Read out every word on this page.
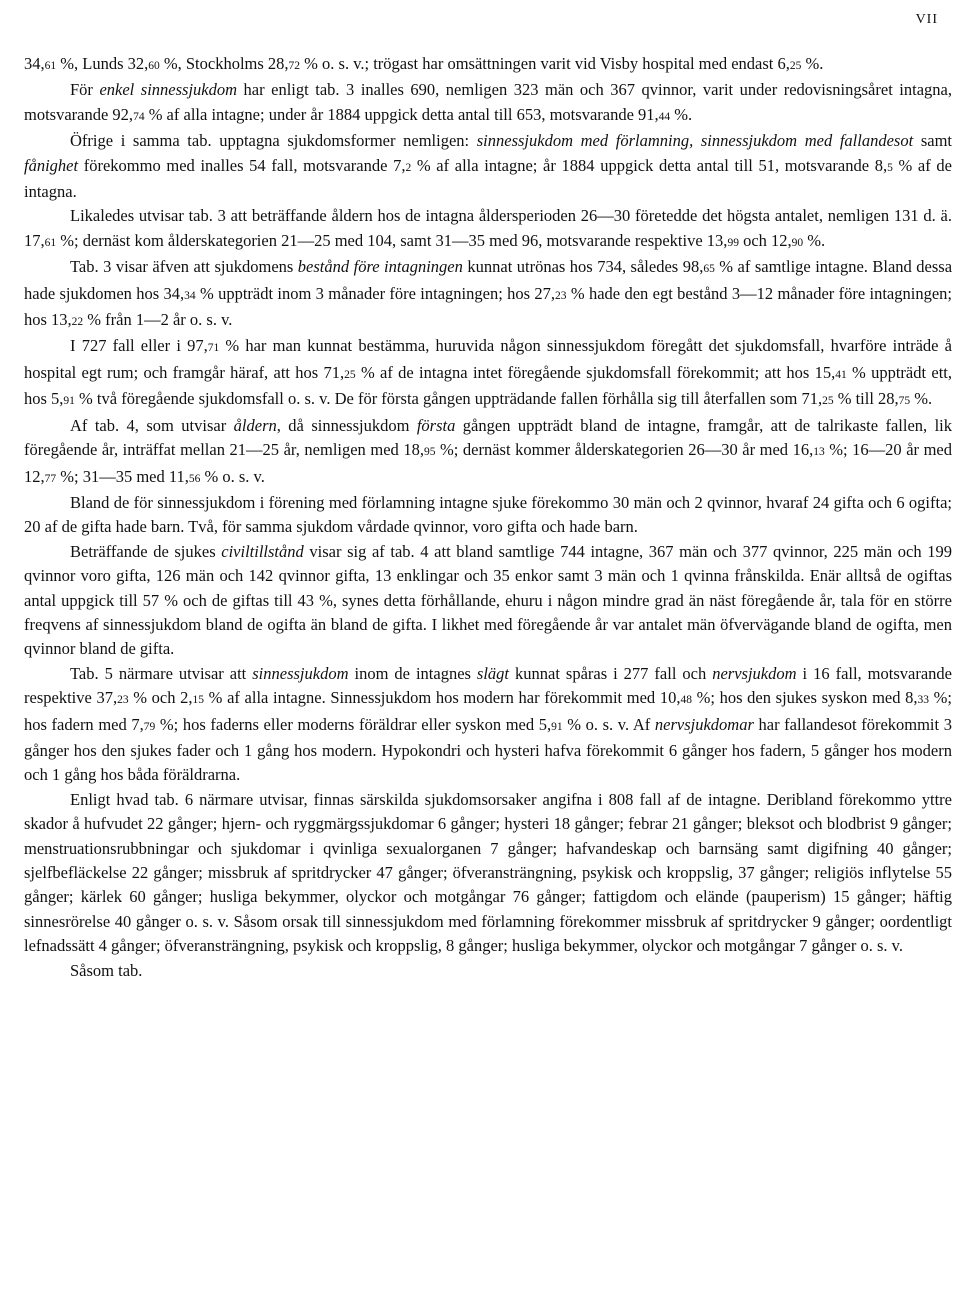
VII

34,61 %, Lunds 32,60 %, Stockholms 28,72 % o. s. v.; trögast har omsättningen varit vid Visby hospital med endast 6,25 %.

För enkel sinnessjukdom har enligt tab. 3 inalles 690, nemligen 323 män och 367 qvinnor, varit under redovisningsåret intagna, motsvarande 92,74 % af alla intagne; under år 1884 uppgick detta antal till 653, motsvarande 91,44 %.

Öfrige i samma tab. upptagna sjukdomsformer nemligen: sinnessjukdom med förlamning, sinnessjukdom med fallandesot samt fånighet förekommo med inalles 54 fall, motsvarande 7,2 % af alla intagne; år 1884 uppgick detta antal till 51, motsvarande 8,5 % af de intagna.

Likaledes utvisar tab. 3 att beträffande åldern hos de intagna åldersperioden 26—30 företedde det högsta antalet, nemligen 131 d. ä. 17,61 %; dernäst kom ålderskategorien 21—25 med 104, samt 31—35 med 96, motsvarande respektive 13,99 och 12,90 %.

Tab. 3 visar äfven att sjukdomens bestånd före intagningen kunnat utrönas hos 734, således 98,65 % af samtlige intagne. Bland dessa hade sjukdomen hos 34,34 % uppträdt inom 3 månader före intagningen; hos 27,23 % hade den egt bestånd 3—12 månader före intagningen; hos 13,22 % från 1—2 år o. s. v.

I 727 fall eller i 97,71 % har man kunnat bestämma, huruvida någon sinnessjukdom föregått det sjukdomsfall, hvarföre inträde å hospital egt rum; och framgår häraf, att hos 71,25 % af de intagna intet föregående sjukdomsfall förekommit; att hos 15,41 % uppträdt ett, hos 5,91 % två föregående sjukdomsfall o. s. v. De för första gången uppträdande fallen förhålla sig till återfallen som 71,25 % till 28,75 %.

Af tab. 4, som utvisar åldern, då sinnessjukdom första gången uppträdt bland de intagne, framgår, att de talrikaste fallen, lik föregående år, inträffat mellan 21—25 år, nemligen med 18,95 %; dernäst kommer ålderskategorien 26—30 år med 16,13 %; 16—20 år med 12,77 %; 31—35 med 11,56 % o. s. v.

Bland de för sinnessjukdom i förening med förlamning intagne sjuke förekommo 30 män och 2 qvinnor, hvaraf 24 gifta och 6 ogifta; 20 af de gifta hade barn. Två, för samma sjukdom vårdade qvinnor, voro gifta och hade barn.

Beträffande de sjukes civiltillstånd visar sig af tab. 4 att bland samtlige 744 intagne, 367 män och 377 qvinnor, 225 män och 199 qvinnor voro gifta, 126 män och 142 qvinnor gifta, 13 enklingar och 35 enkor samt 3 män och 1 qvinna frånskilda. Enär alltså de ogiftas antal uppgick till 57 % och de giftas till 43 %, synes detta förhållande, ehuru i någon mindre grad än näst föregående år, tala för en större freqvens af sinnessjukdom bland de ogifta än bland de gifta. I likhet med föregående år var antalet män öfvervägande bland de ogifta, men qvinnor bland de gifta.

Tab. 5 närmare utvisar att sinnessjukdom inom de intagnes slägt kunnat spåras i 277 fall och nervsjukdom i 16 fall, motsvarande respektive 37,23 % och 2,15 % af alla intagne. Sinnessjukdom hos modern har förekommit med 10,48 %; hos den sjukes syskon med 8,33 %; hos fadern med 7,79 %; hos faderns eller moderns föräldrar eller syskon med 5,91 % o. s. v. Af nervsjukdomar har fallandesot förekommit 3 gånger hos den sjukes fader och 1 gång hos modern. Hypokondri och hysteri hafva förekommit 6 gånger hos fadern, 5 gånger hos modern och 1 gång hos båda föräldrarna.

Enligt hvad tab. 6 närmare utvisar, finnas särskilda sjukdomsorsaker angifna i 808 fall af de intagne. Deribland förekommo yttre skador å hufvudet 22 gånger; hjern- och ryggmärgssjukdomar 6 gånger; hysteri 18 gånger; febrar 21 gånger; bleksot och blodbrist 9 gånger; menstruationsrubbningar och sjukdomar i qvinliga sexualorganen 7 gånger; hafvandeskap och barnsäng samt digifning 40 gånger; sjelfbefläckelse 22 gånger; missbruk af spritdrycker 47 gånger; öfveransträngning, psykisk och kroppslig, 37 gånger; religiös inflytelse 55 gånger; kärlek 60 gånger; husliga bekymmer, olyckor och motgångar 76 gånger; fattigdom och elände (pauperism) 15 gånger; häftig sinnesrörelse 40 gånger o. s. v. Såsom orsak till sinnessjukdom med förlamning förekommer missbruk af spritdrycker 9 gånger; oordentligt lefnadssätt 4 gånger; öfveransträngning, psykisk och kroppslig, 8 gånger; husliga bekymmer, olyckor och motgångar 7 gånger o. s. v.

Såsom tab.
